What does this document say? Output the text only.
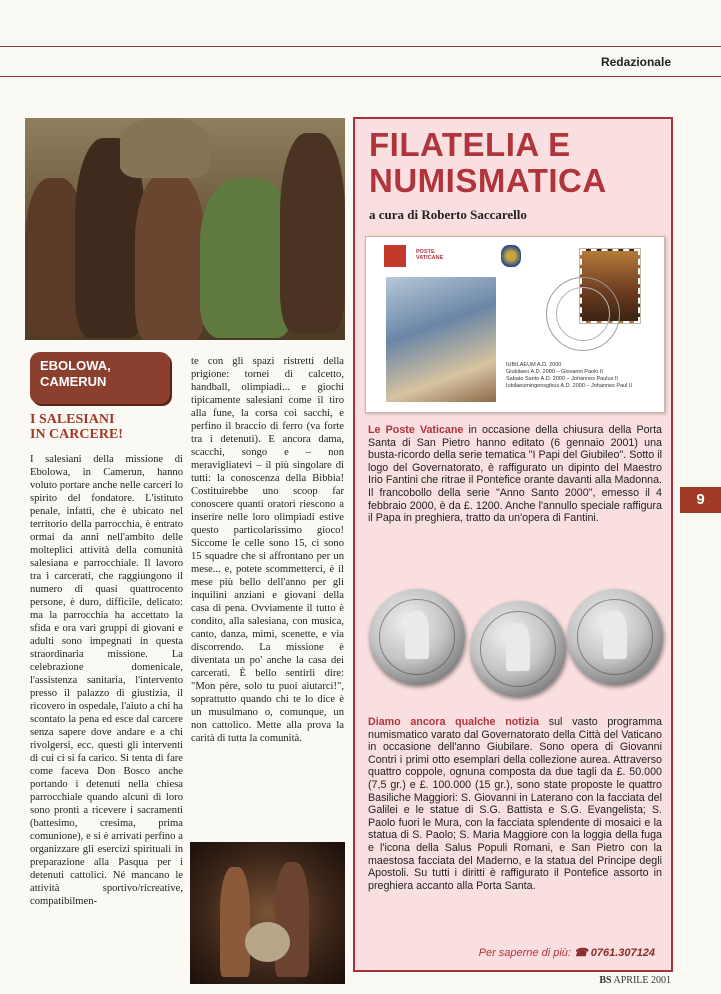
Redazionale
EBOLOWA,
CAMERUN
I SALESIANI
IN CARCERE!
I salesiani della missione di Ebolowa, in Camerun, hanno voluto portare anche nelle carceri lo spirito del fondatore. L'istituto penale, infatti, che è ubicato nel territorio della parrocchia, è entrato ormai da anni nell'ambito delle molteplici attività della comunità salesiana e parrocchiale. Il lavoro tra i carcerati, che raggiungono il numero di quasi quattrocento persone, è duro, difficile, delicato: ma la parrocchia ha accettato la sfida e ora vari gruppi di giovani e adulti sono impegnati in questa straordinaria missione. La celebrazione domenicale, l'assistenza sanitaria, l'intervento presso il palazzo di giustizia, il ricovero in ospedale, l'aiuto a chi ha scontato la pena ed esce dal carcere senza sapere dove andare e a chi rivolgersi, ecc. questi gli interventi di cui ci si fa carico. Si tenta di fare come faceva Don Bosco anche portando i detenuti nella chiesa parrocchiale quando alcuni di loro sono pronti a ricevere i sacramenti (battesimo, cresima, prima comunione), e si è arrivati perfino a organizzare gli esercizi spirituali in preparazione alla Pasqua per i detenuti cattolici. Né mancano le attività sportivo/ricreative, compatibilmen-
te con gli spazi ristretti della prigione: tornei di calcetto, handball, olimpiadi... e giochi tipicamente salesiani come il tiro alla fune, la corsa coi sacchi, e perfino il braccio di ferro (va forte tra i detenuti). E ancora dama, scacchi, songo e – non meravigliatevi – il più singolare di tutti: la conoscenza della Bibbia! Costituirebbe uno scoop far conoscere quanti oratori riescono a inserire nelle loro olimpiadi estive questo particolarissimo gioco! Siccome le celle sono 15, ci sono 15 squadre che si affrontano per un mese... e, potete scommetterci, è il mese più bello dell'anno per gli inquilini anziani e giovani della casa di pena. Ovviamente il tutto è condito, alla salesiana, con musica, canto, danza, mimi, scenette, e via discorrendo. La missione è diventata un po' anche la casa dei carcerati. È bello sentirli dire: "Mon père, solo tu puoi aiutarci!", soprattutto quando chi te lo dice è un musulmano o, comunque, un non cattolico. Mette alla prova la carità di tutta la comunità.
FILATELIA E
NUMISMATICA
a cura di Roberto Saccarello
POSTE
VATICANE
IUBILAEUM A.D. 2000
Giubilaeo A.D. 2000 – Giovanni Paolo II
Sabato Santo A.D. 2000 – Johannes Paulus II
Iubilaeumingensgibus A.D. 2000 – Johannes Paul II
Le Poste Vaticane in occasione della chiusura della Porta Santa di San Pietro hanno editato (6 gennaio 2001) una busta-ricordo della serie tematica "I Papi del Giubileo". Sotto il logo del Governatorato, è raffigurato un dipinto del Maestro Irio Fantini che ritrae il Pontefice orante davanti alla Madonna. Il francobollo della serie "Anno Santo 2000", emesso il 4 febbraio 2000, è da £. 1200. Anche l'annullo speciale raffigura il Papa in preghiera, tratto da un'opera di Fantini.
Diamo ancora qualche notizia sul vasto programma numismatico varato dal Governatorato della Città del Vaticano in occasione dell'anno Giubilare. Sono opera di Giovanni Contri i primi otto esemplari della collezione aurea. Attraverso quattro coppole, ognuna composta da due tagli da £. 50.000 (7,5 gr.) e £. 100.000 (15 gr.), sono state proposte le quattro Basiliche Maggiori: S. Giovanni in Laterano con la facciata del Galilei e le statue di S.G. Battista e S.G. Evangelista; S. Paolo fuori le Mura, con la facciata splendente di mosaici e la statua di S. Paolo; S. Maria Maggiore con la loggia della fuga e l'icona della Salus Populi Romani, e San Pietro con la maestosa facciata del Maderno, e la statua del Principe degli Apostoli. Su tutti i diritti è raffigurato il Pontefice assorto in preghiera accanto alla Porta Santa.
Per saperne di più: ☎ 0761.307124
9
BS APRILE 2001
